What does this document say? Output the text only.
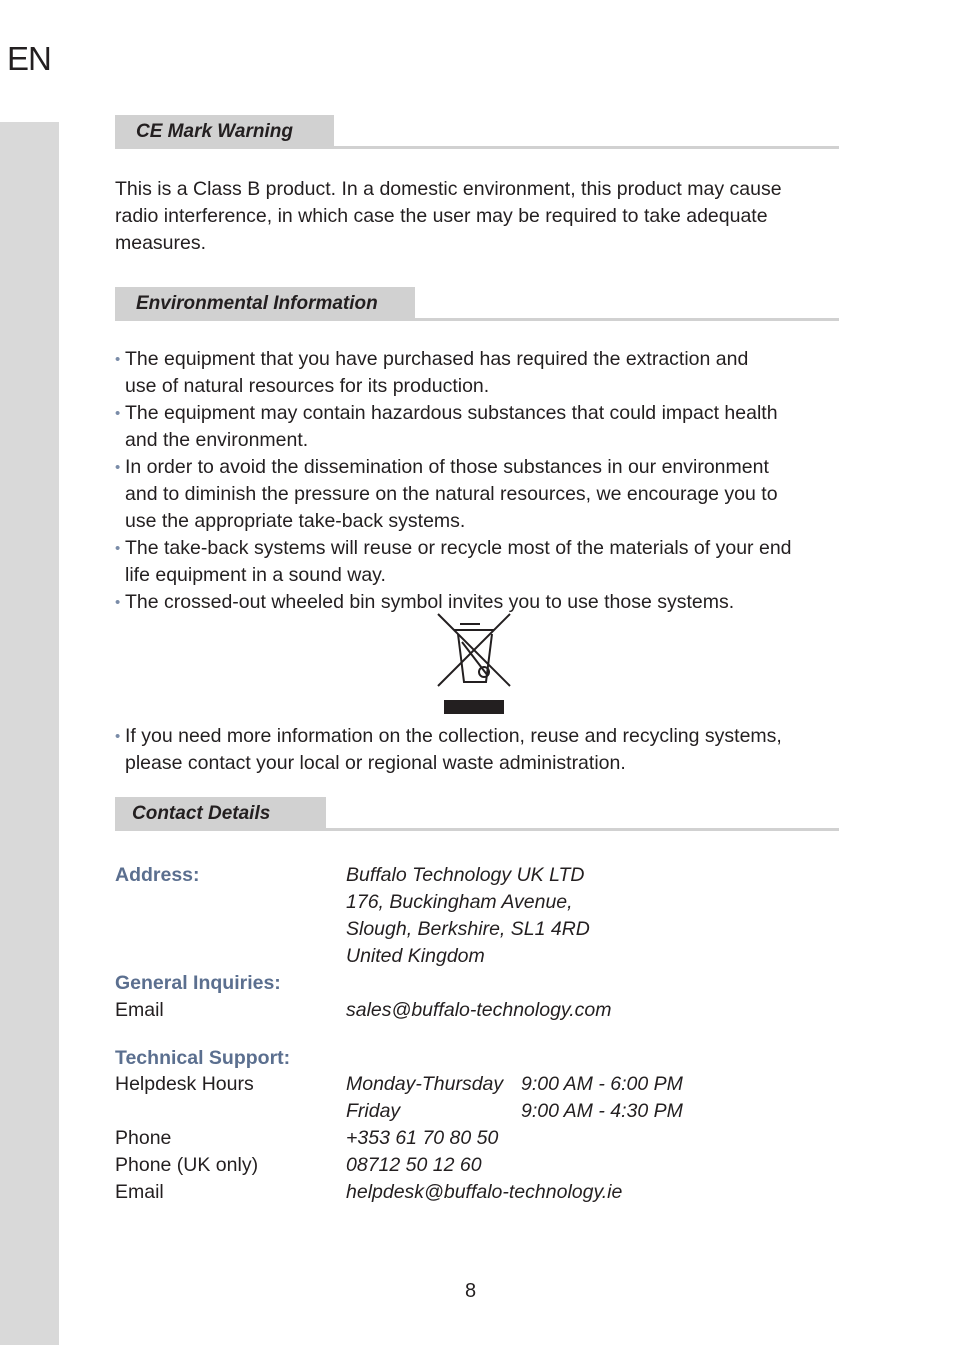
EN
CE Mark Warning

This is a Class B product. In a domestic environment, this product may cause
radio interference, in which case the user may be required to take adequate
measures.

Environmental Information
• The equipment that you have purchased has required the extraction and
use of natural resources for its production.
• The equipment may contain hazardous substances that could impact health
and the environment.
• In order to avoid the dissemination of those substances in our environment
and to diminish the pressure on the natural resources, we encourage you to
use the appropriate take-back systems.
• The take-back systems will reuse or recycle most of the materials of your end
life equipment in a sound way.
• The crossed-out wheeled bin symbol invites you to use those systems.
• If you need more information on the collection, reuse and recycling systems,
please contact your local or regional waste administration.
Contact Details
Address:	Buffalo Technology UK LTD
176, Buckingham Avenue,
Slough, Berkshire, SL1 4RD
United Kingdom
General Inquiries:
Email	sales@buffalo-technology.com
Technical Support:
Helpdesk Hours	Monday-Thursday 9:00 AM - 6:00 PM
Friday	9:00 AM - 4:30 PM
Phone	+353 61 70 80 50
Phone (UK only)	08712 50 12 60
Email	helpdesk@buffalo-technology.ie
8
